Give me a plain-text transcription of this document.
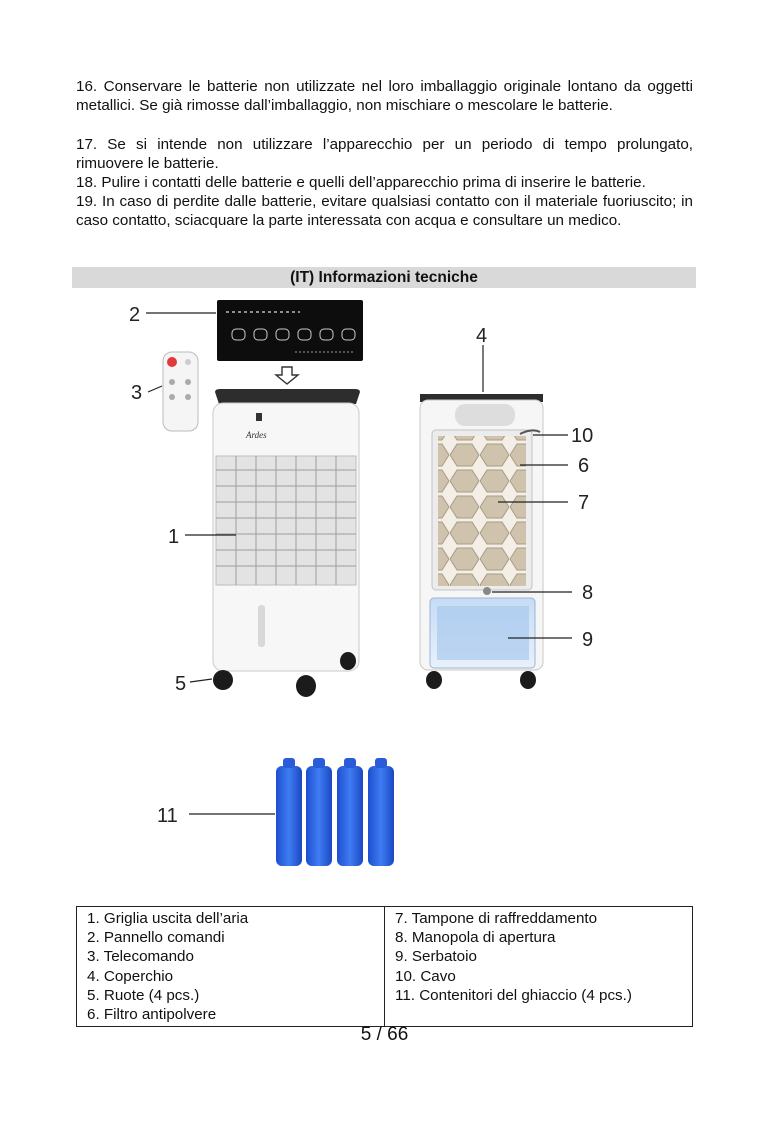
16. Conservare le batterie non utilizzate nel loro imballaggio originale lontano da oggetti metallici. Se già rimosse dall’imballaggio, non mischiare o mescolare le batterie.

17. Se si intende non utilizzare l’apparecchio per un periodo di tempo prolungato, rimuovere le batterie.

18. Pulire i contatti delle batterie e quelli dell’apparecchio prima di inserire le batterie.

19. In caso di perdite dalle batterie, evitare qualsiasi contatto con il materiale fuoriuscito; in caso contatto, sciacquare la parte interessata con acqua e consultare un medico.

(IT) Informazioni tecniche
Ardes
2
3
1
5
4
10
6
7
8
9
11
1. Griglia uscita dell’aria
2. Pannello comandi
3. Telecomando
4. Coperchio
5. Ruote (4 pcs.)
6. Filtro antipolvere

7. Tampone di raffreddamento
8. Manopola di apertura
9. Serbatoio
10. Cavo
11. Contenitori del ghiaccio (4 pcs.)
5 / 66
